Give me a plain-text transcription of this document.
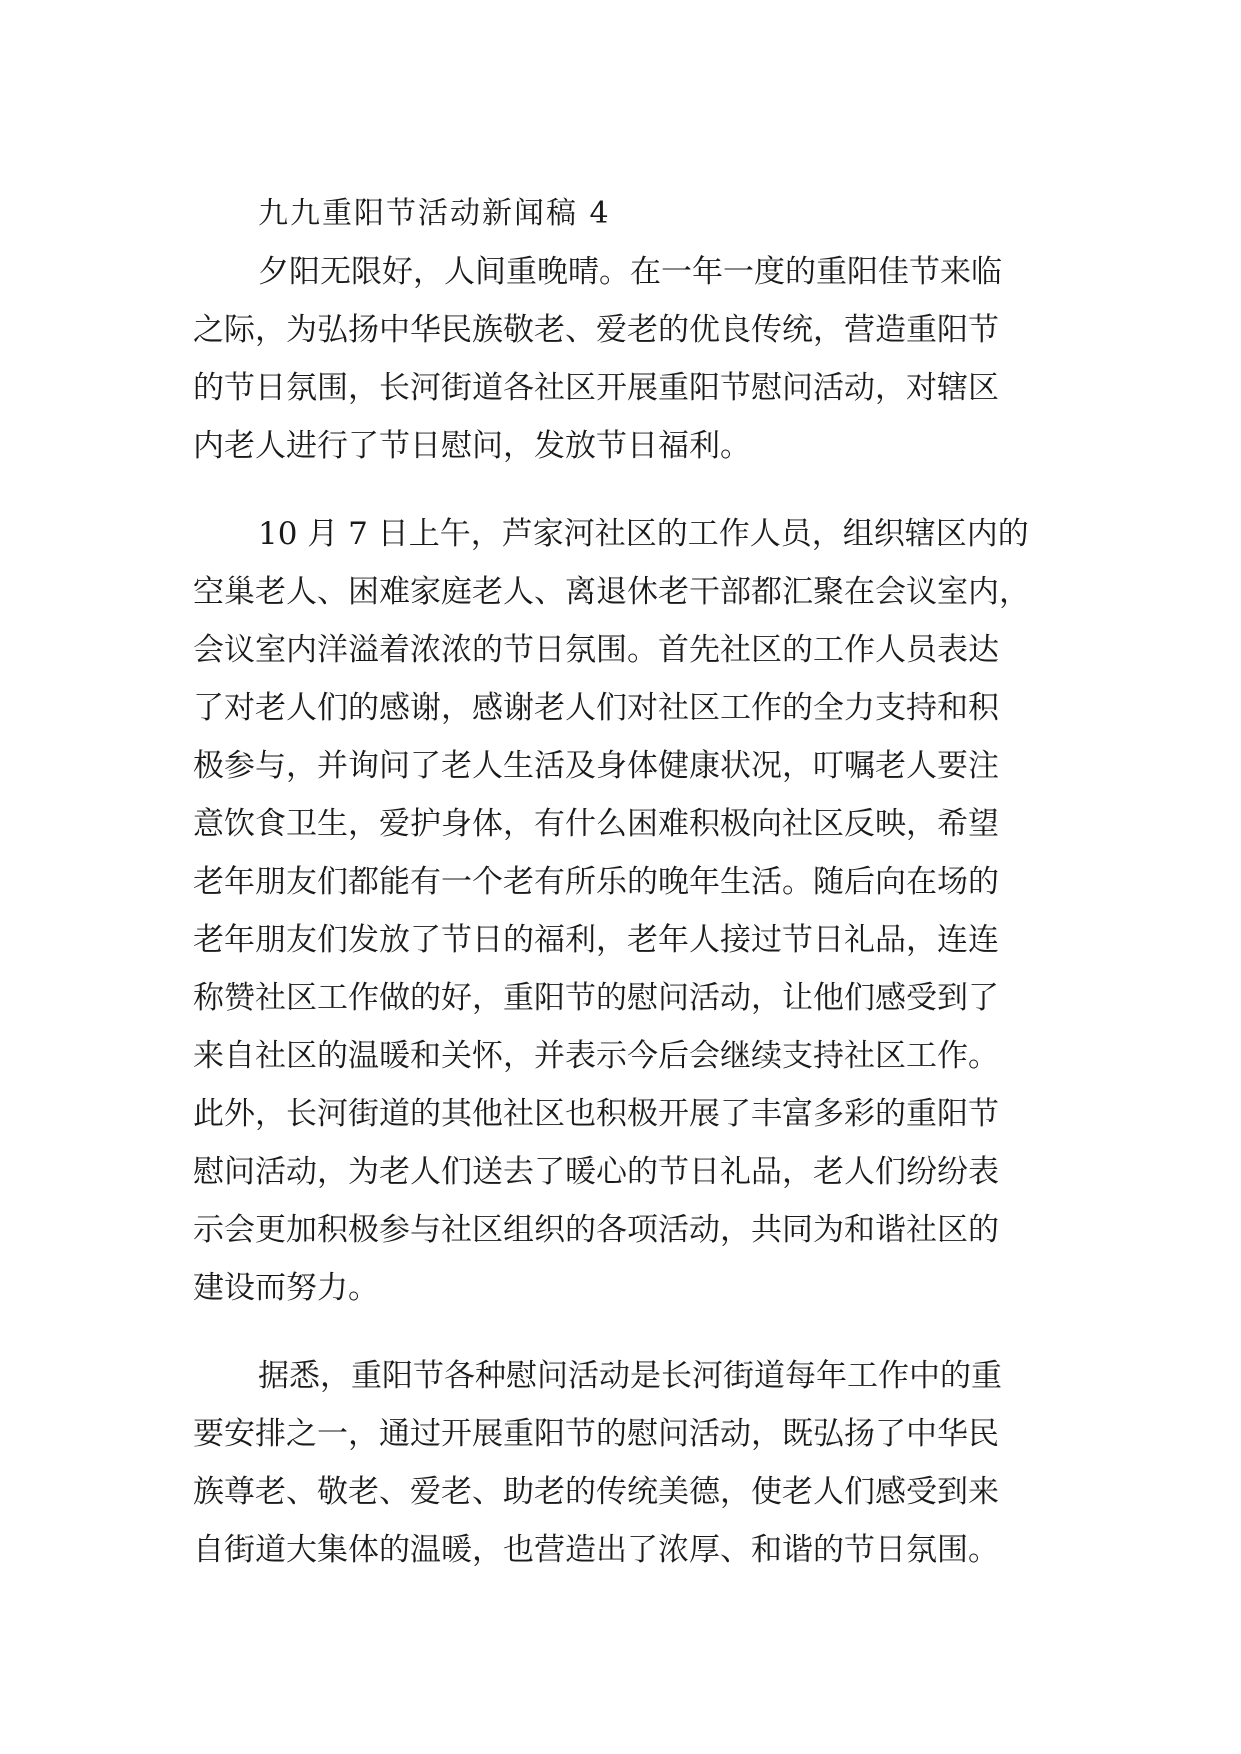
九九重阳节活动新闻稿 4
夕阳无限好，人间重晚晴。在一年一度的重阳佳节来临
之际，为弘扬中华民族敬老、爱老的优良传统，营造重阳节
的节日氛围，长河街道各社区开展重阳节慰问活动，对辖区
内老人进行了节日慰问，发放节日福利。
10 月 7 日上午，芦家河社区的工作人员，组织辖区内的
空巢老人、困难家庭老人、离退休老干部都汇聚在会议室内，
会议室内洋溢着浓浓的节日氛围。首先社区的工作人员表达
了对老人们的感谢，感谢老人们对社区工作的全力支持和积
极参与，并询问了老人生活及身体健康状况，叮嘱老人要注
意饮食卫生，爱护身体，有什么困难积极向社区反映，希望
老年朋友们都能有一个老有所乐的晚年生活。随后向在场的
老年朋友们发放了节日的福利，老年人接过节日礼品，连连
称赞社区工作做的好，重阳节的慰问活动，让他们感受到了
来自社区的温暖和关怀，并表示今后会继续支持社区工作。
此外，长河街道的其他社区也积极开展了丰富多彩的重阳节
慰问活动，为老人们送去了暖心的节日礼品，老人们纷纷表
示会更加积极参与社区组织的各项活动，共同为和谐社区的
建设而努力。
据悉，重阳节各种慰问活动是长河街道每年工作中的重
要安排之一，通过开展重阳节的慰问活动，既弘扬了中华民
族尊老、敬老、爱老、助老的传统美德，使老人们感受到来
自街道大集体的温暖，也营造出了浓厚、和谐的节日氛围。
